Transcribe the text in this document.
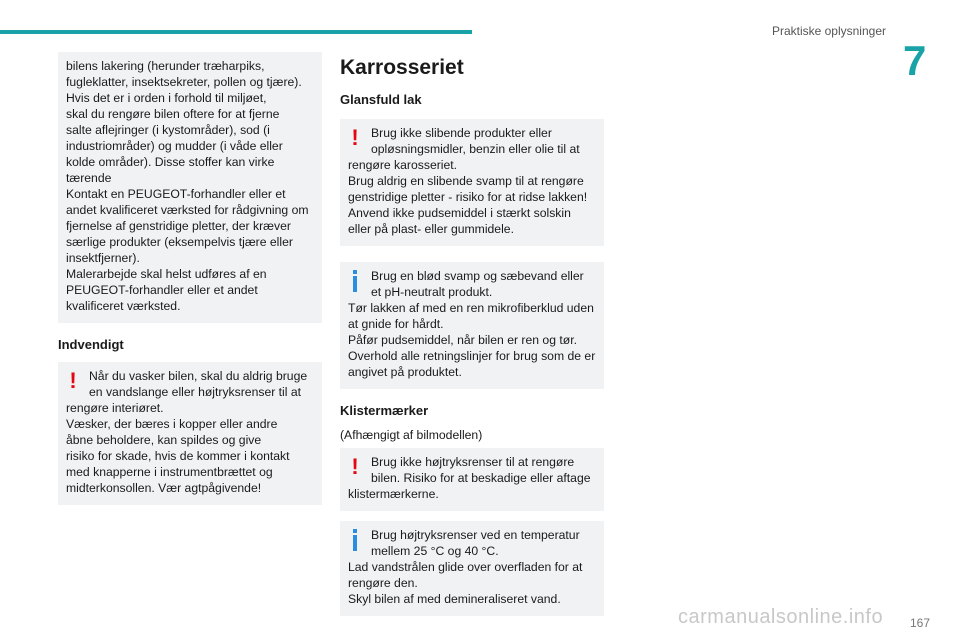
Praktiske oplysninger
7

bilens lakering (herunder træharpiks,

fugleklatter, insektsekreter, pollen og tjære).

Hvis det er i orden i forhold til miljøet,

skal du rengøre bilen oftere for at fjerne

salte aflejringer (i kystområder), sod (i

industriområder) og mudder (i våde eller

kolde områder). Disse stoffer kan virke

tærende

Kontakt en PEUGEOT-forhandler eller et

andet kvalificeret værksted for rådgivning om

fjernelse af genstridige pletter, der kræver

særlige produkter (eksempelvis tjære eller

insektfjerner).

Malerarbejde skal helst udføres af en

PEUGEOT-forhandler eller et andet

kvalificeret værksted.

Indvendigt
!	Når du vasker bilen, skal du aldrig bruge

en vandslange eller højtryksrenser til at

rengøre interiøret.

Væsker, der bæres i kopper eller andre

åbne beholdere, kan spildes og give

risiko for skade, hvis de kommer i kontakt

med knapperne i instrumentbrættet og

midterkonsollen. Vær agtpågivende!

Karrosseriet
Glansfuld lak
!	Brug ikke slibende produkter eller

opløsningsmidler, benzin eller olie til at

rengøre karosseriet.

Brug aldrig en slibende svamp til at rengøre

genstridige pletter - risiko for at ridse lakken!

Anvend ikke pudsemiddel i stærkt solskin

eller på plast- eller gummidele.

Brug en blød svamp og sæbevand eller

et pH-neutralt produkt.

Tør lakken af med en ren mikrofiberklud uden

at gnide for hårdt.

Påfør pudsemiddel, når bilen er ren og tør.

Overhold alle retningslinjer for brug som de er

angivet på produktet.

Klistermærker
(Afhængigt af bilmodellen)
!	Brug ikke højtryksrenser til at rengøre

bilen. Risiko for at beskadige eller aftage

klistermærkerne.

Brug højtryksrenser ved en temperatur

mellem 25 °C og 40 °C.

Lad vandstrålen glide over overfladen for at

rengøre den.

Skyl bilen af med demineraliseret vand.

carmanualsonline.info 167
